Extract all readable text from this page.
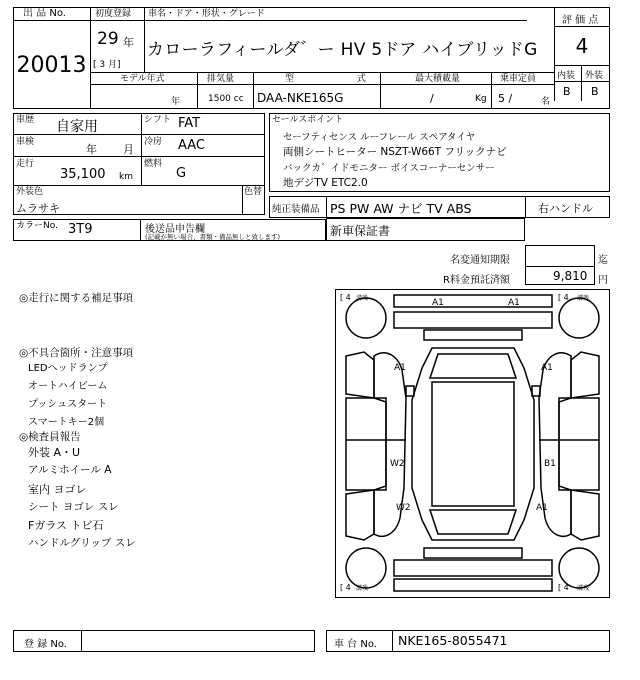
出 品 No.
20013
初度登録
29 年
[ 3 月]
車名・ドア・形状・グレード
カローラフィールダ゛ー HV 5ドア ハイブリッドG
評 価 点
4
内装 外装
B B
モデル年式
年
排気量
1500 cc
型 式
DAA-NKE165G
最大積載量
/	Kg
乗車定員
5 /	名
車歴 自家用	シフト FAT
車検
年 月
冷房 AAC
走行
35,100 km
燃料
G
外装色
ムラサキ
色替
カラーNo. 3T9	後送品申告欄
(記載が無い場合、書類・備品無しと致します)
セールスポイント
セーフティセンス ルーフレール スペアタイヤ
両側シートヒーター NSZT-W66T フリックナビ
バックカ゛イドモニター ボイスコーナーセンサー
地デジTV ETC2.0
純正装備品 PS PW AW ナビ TV ABS	右ハンドル
新車保証書
名変通知期限	迄
R料金預託済額	9,810 円
◎走行に関する補足事項
◎不具合箇所・注意事項
LEDヘッドランプ
オートハイビーム
プッシュスタート
スマートキー2個
◎検査員報告
外装 A・U
アルミホイール A
室内 ヨゴレ
シート ヨゴレ スレ
Fガラス トビ石
ハンドルグリップ スレ
[ 4 溝残	[ 4 溝残
[ 4 溝残	[ 4 溝残
A1	A1
A1	A1
W2	B1
W2	A1
登 録 No.	車 台 No. NKE165-8055471
